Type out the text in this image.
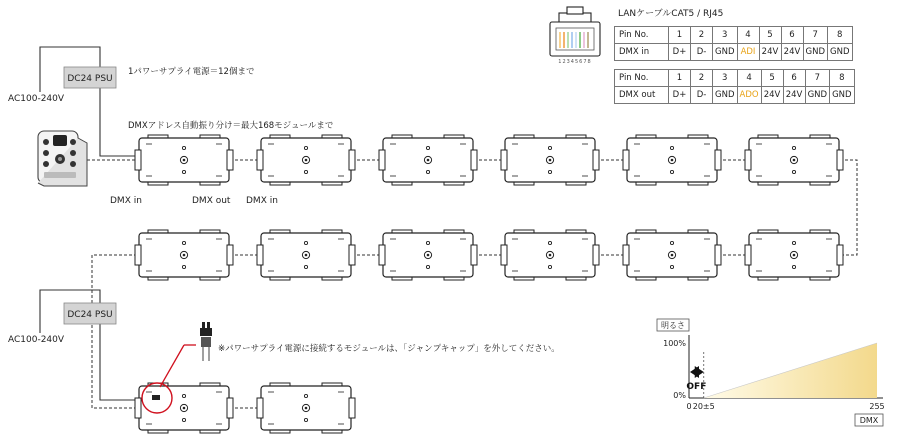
DC24 PSU
DC24 PSU
AC100-240V
AC100-240V
1パワーサプライ電源＝12個まで
DMXアドレス自動振り分け＝最大168モジュールまで
DMX in	DMX out DMX in
※パワーサプライ電源に接続するモジュールは、「ジャンプキャップ」を外してください。
12345678
LANケーブルCAT5 / RJ45
明るさ
OFF
100%
0%
0 20±5	255
DMX
Pin No.	1	2	3	4	5	6	7	8
DMX in	D+	D-	GND	ADI	24V	24V	GND	GND
Pin No.	1	2	3	4	5	6	7	8
DMX out	D+	D-	GND	ADO	24V	24V	GND	GND
